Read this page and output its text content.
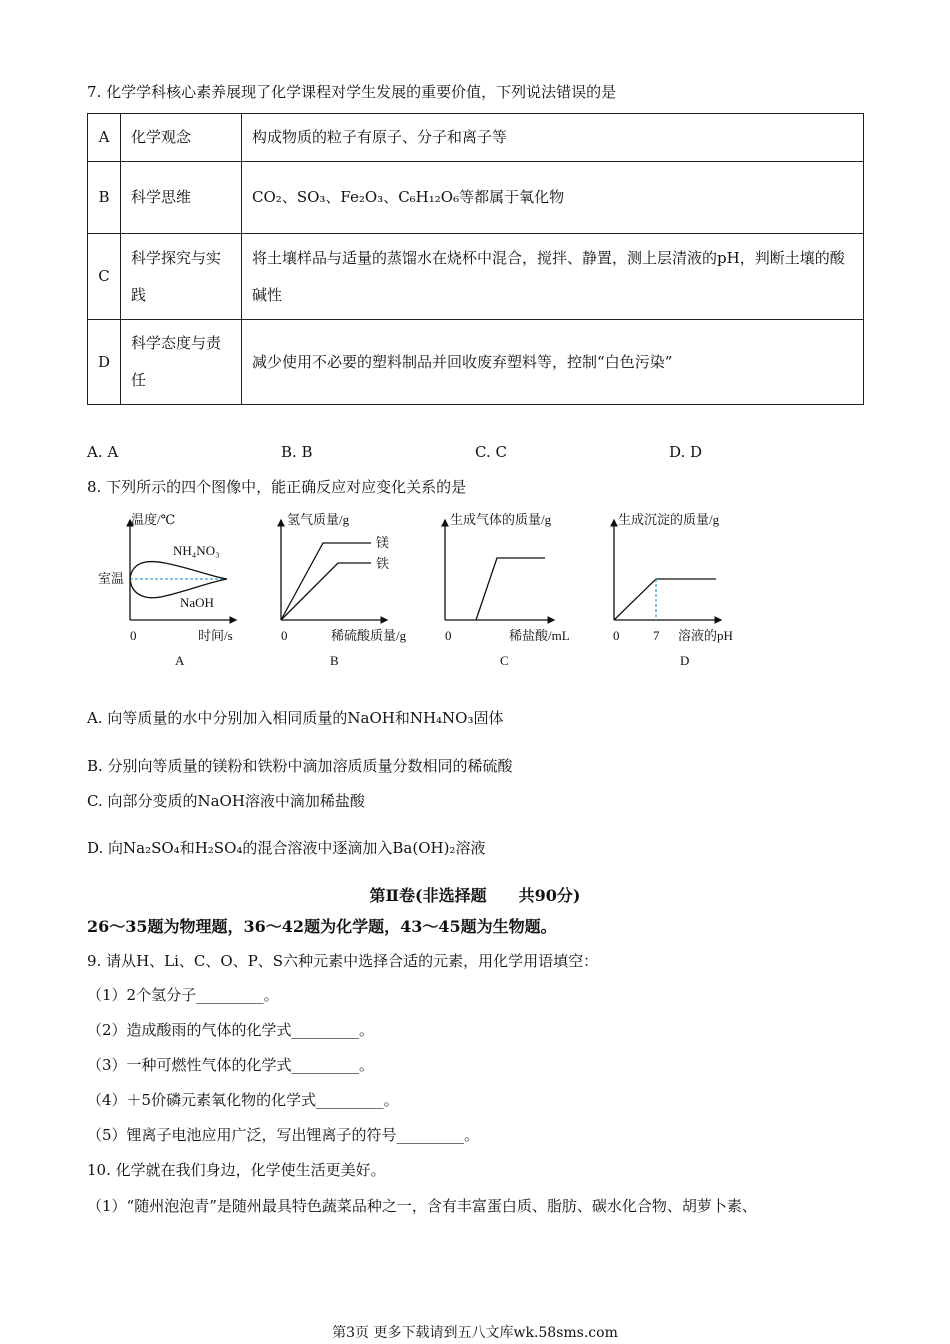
7. 化学学科核心素养展现了化学课程对学生发展的重要价值，下列说法错误的是
A	化学观念	构成物质的粒子有原子、分子和离子等
B	科学思维	CO₂、SO₃、Fe₂O₃、C₆H₁₂O₆等都属于氧化物
C	科学探究与实践	将土壤样品与适量的蒸馏水在烧杯中混合，搅拌、静置，测上层清液的pH，判断土壤的酸碱性
D	科学态度与责任	减少使用不必要的塑料制品并回收废弃塑料等，控制“白色污染”
A. A	B. B	C. C	D. D
8. 下列所示的四个图像中，能正确反应对应变化关系的是
温度/℃
NH₄NO₃
NaOH
室温
0	时间/s
A
氢气质量/g
镁
铁
0	稀硫酸质量/g
B
生成气体的质量/g
0	稀盐酸/mL
C
生成沉淀的质量/g
0	7 溶液的pH
D
A. 向等质量的水中分别加入相同质量的NaOH和NH₄NO₃固体
B. 分别向等质量的镁粉和铁粉中滴加溶质质量分数相同的稀硫酸
C. 向部分变质的NaOH溶液中滴加稀盐酸
D. 向Na₂SO₄和H₂SO₄的混合溶液中逐滴加入Ba(OH)₂溶液
第Ⅱ卷(非选择题　　共90分)
26～35题为物理题，36～42题为化学题，43～45题为生物题。
9. 请从H、Li、C、O、P、S六种元素中选择合适的元素，用化学用语填空：
（1）2个氢分子_________。
（2）造成酸雨的气体的化学式_________。
（3）一种可燃性气体的化学式_________。
（4）＋5价磷元素氧化物的化学式_________。
（5）锂离子电池应用广泛，写出锂离子的符号_________。
10. 化学就在我们身边，化学使生活更美好。
（1）“随州泡泡青”是随州最具特色蔬菜品种之一，含有丰富蛋白质、脂肪、碳水化合物、胡萝卜素、
第3页 更多下载请到五八文库wk.58sms.com
